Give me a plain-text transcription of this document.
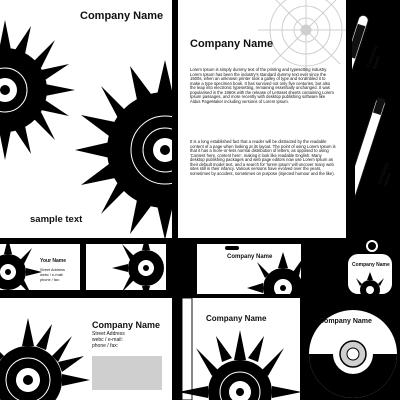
Company Name
sample text
Company Name
Lorem Ipsum is simply dummy text of the printing and typesetting industry. Lorem Ipsum has been the industry's standard dummy text ever since the 1500s, when an unknown printer took a galley of type and scrambled it to make a type specimen book. It has survived not only five centuries, but also the leap into electronic typesetting, remaining essentially unchanged. It was popularised in the 1960s with the release of Letraset sheets containing Lorem Ipsum passages, and more recently with desktop publishing software like Aldus PageMaker including versions of Lorem Ipsum.
It is a long established fact that a reader will be distracted by the readable content of a page when looking at its layout. The point of using Lorem Ipsum is that it has a more-or-less normal distribution of letters, as opposed to using 'Content here, content here', making it look like readable English. Many desktop publishing packages and web page editors now use Lorem Ipsum as their default model text, and a search for 'lorem ipsum' will uncover many web sites still in their infancy. Various versions have evolved over the years, sometimes by accident, sometimes on purpose (injected humour and the like).
Company Name
Company Name
Your Name
Street Address
webc / e-mail:
phone / fax:
Company Name
Company Name
Company Name
Street Address
webc / e-mail:
phone / fax:
Company Name	Company Name
